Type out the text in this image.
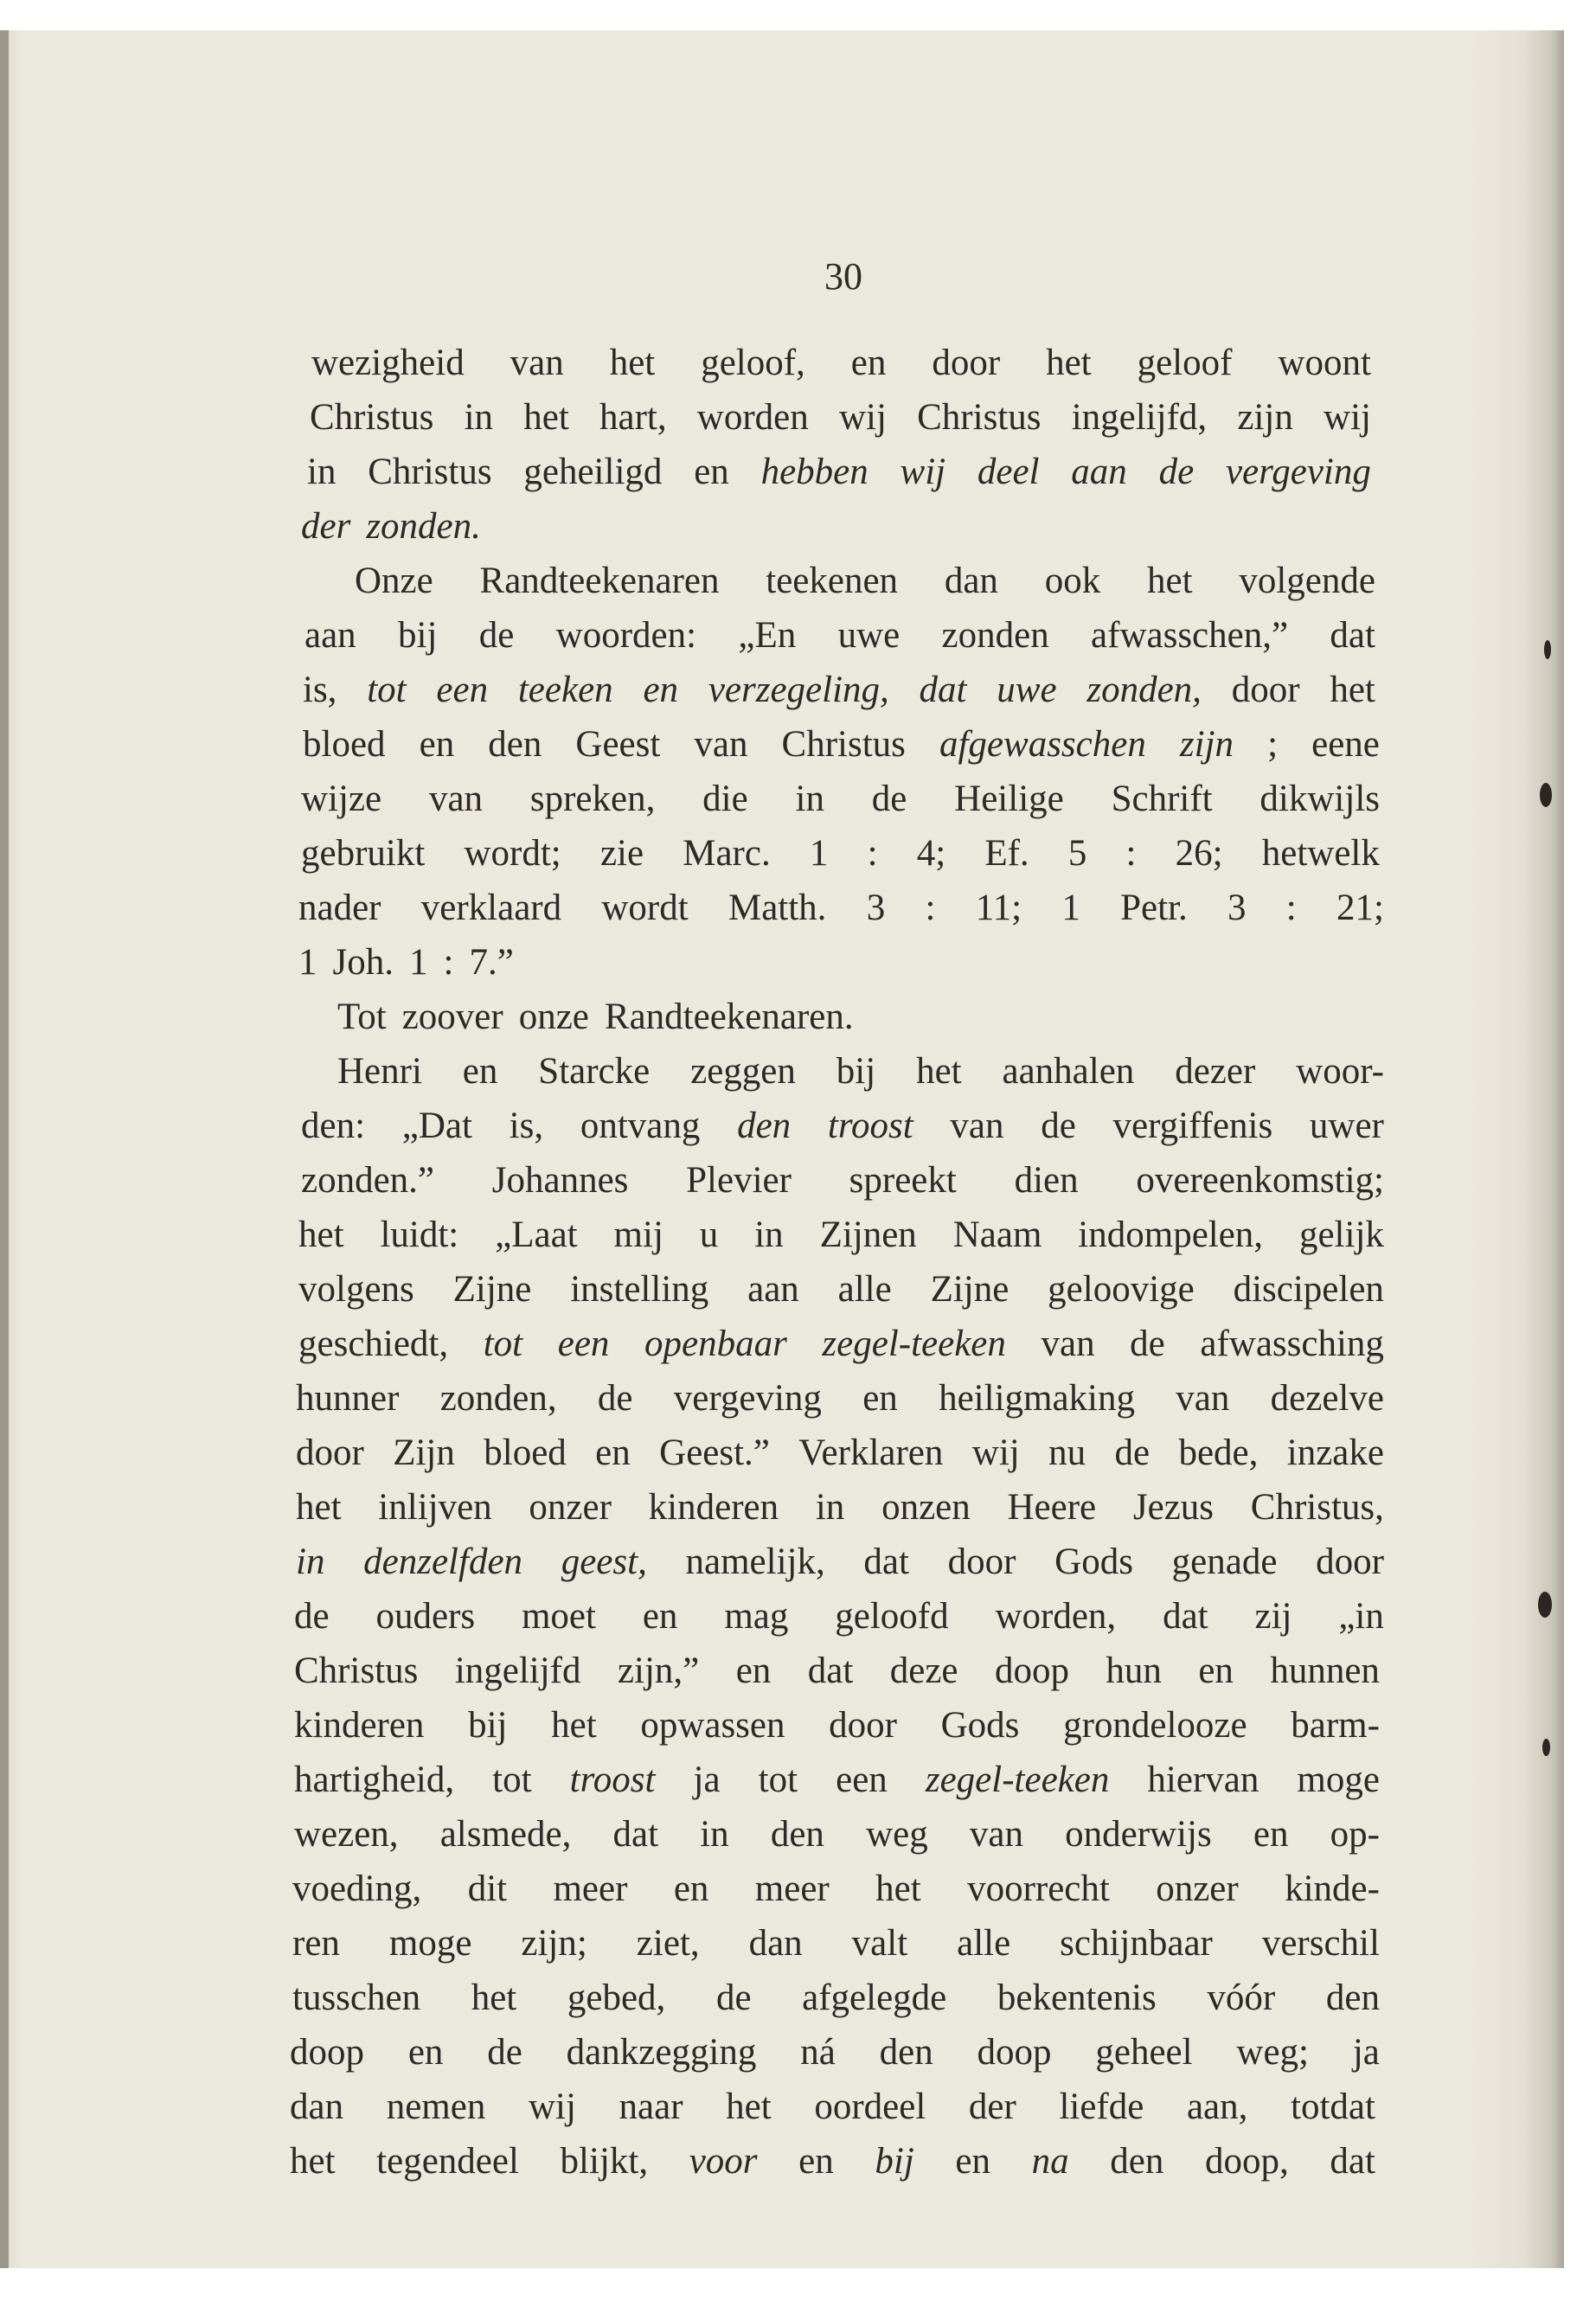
30
wezigheid van het geloof, en door het geloof woont
Christus in het hart, worden wij Christus ingelijfd, zijn wij
in Christus geheiligd en hebben wij deel aan de vergeving
der zonden.
Onze Randteekenaren teekenen dan ook het volgende
aan bij de woorden: „En uwe zonden afwasschen,” dat
is, tot een teeken en verzegeling, dat uwe zonden, door het
bloed en den Geest van Christus afgewasschen zijn ; eene
wijze van spreken, die in de Heilige Schrift dikwijls
gebruikt wordt; zie Marc. 1 : 4; Ef. 5 : 26; hetwelk
nader verklaard wordt Matth. 3 : 11; 1 Petr. 3 : 21;
1 Joh. 1 : 7.”
Tot zoover onze Randteekenaren.
Henri en Starcke zeggen bij het aanhalen dezer woor-
den: „Dat is, ontvang den troost van de vergiffenis uwer
zonden.” Johannes Plevier spreekt dien overeenkomstig;
het luidt: „Laat mij u in Zijnen Naam indompelen, gelijk
volgens Zijne instelling aan alle Zijne geloovige discipelen
geschiedt, tot een openbaar zegel-teeken van de afwassching
hunner zonden, de vergeving en heiligmaking van dezelve
door Zijn bloed en Geest.” Verklaren wij nu de bede, inzake
het inlijven onzer kinderen in onzen Heere Jezus Christus,
in denzelfden geest, namelijk, dat door Gods genade door
de ouders moet en mag geloofd worden, dat zij „in
Christus ingelijfd zijn,” en dat deze doop hun en hunnen
kinderen bij het opwassen door Gods grondelooze barm-
hartigheid, tot troost ja tot een zegel-teeken hiervan moge
wezen, alsmede, dat in den weg van onderwijs en op-
voeding, dit meer en meer het voorrecht onzer kinde-
ren moge zijn; ziet, dan valt alle schijnbaar verschil
tusschen het gebed, de afgelegde bekentenis vóór den
doop en de dankzegging ná den doop geheel weg; ja
dan nemen wij naar het oordeel der liefde aan, totdat
het tegendeel blijkt, voor en bij en na den doop, dat
